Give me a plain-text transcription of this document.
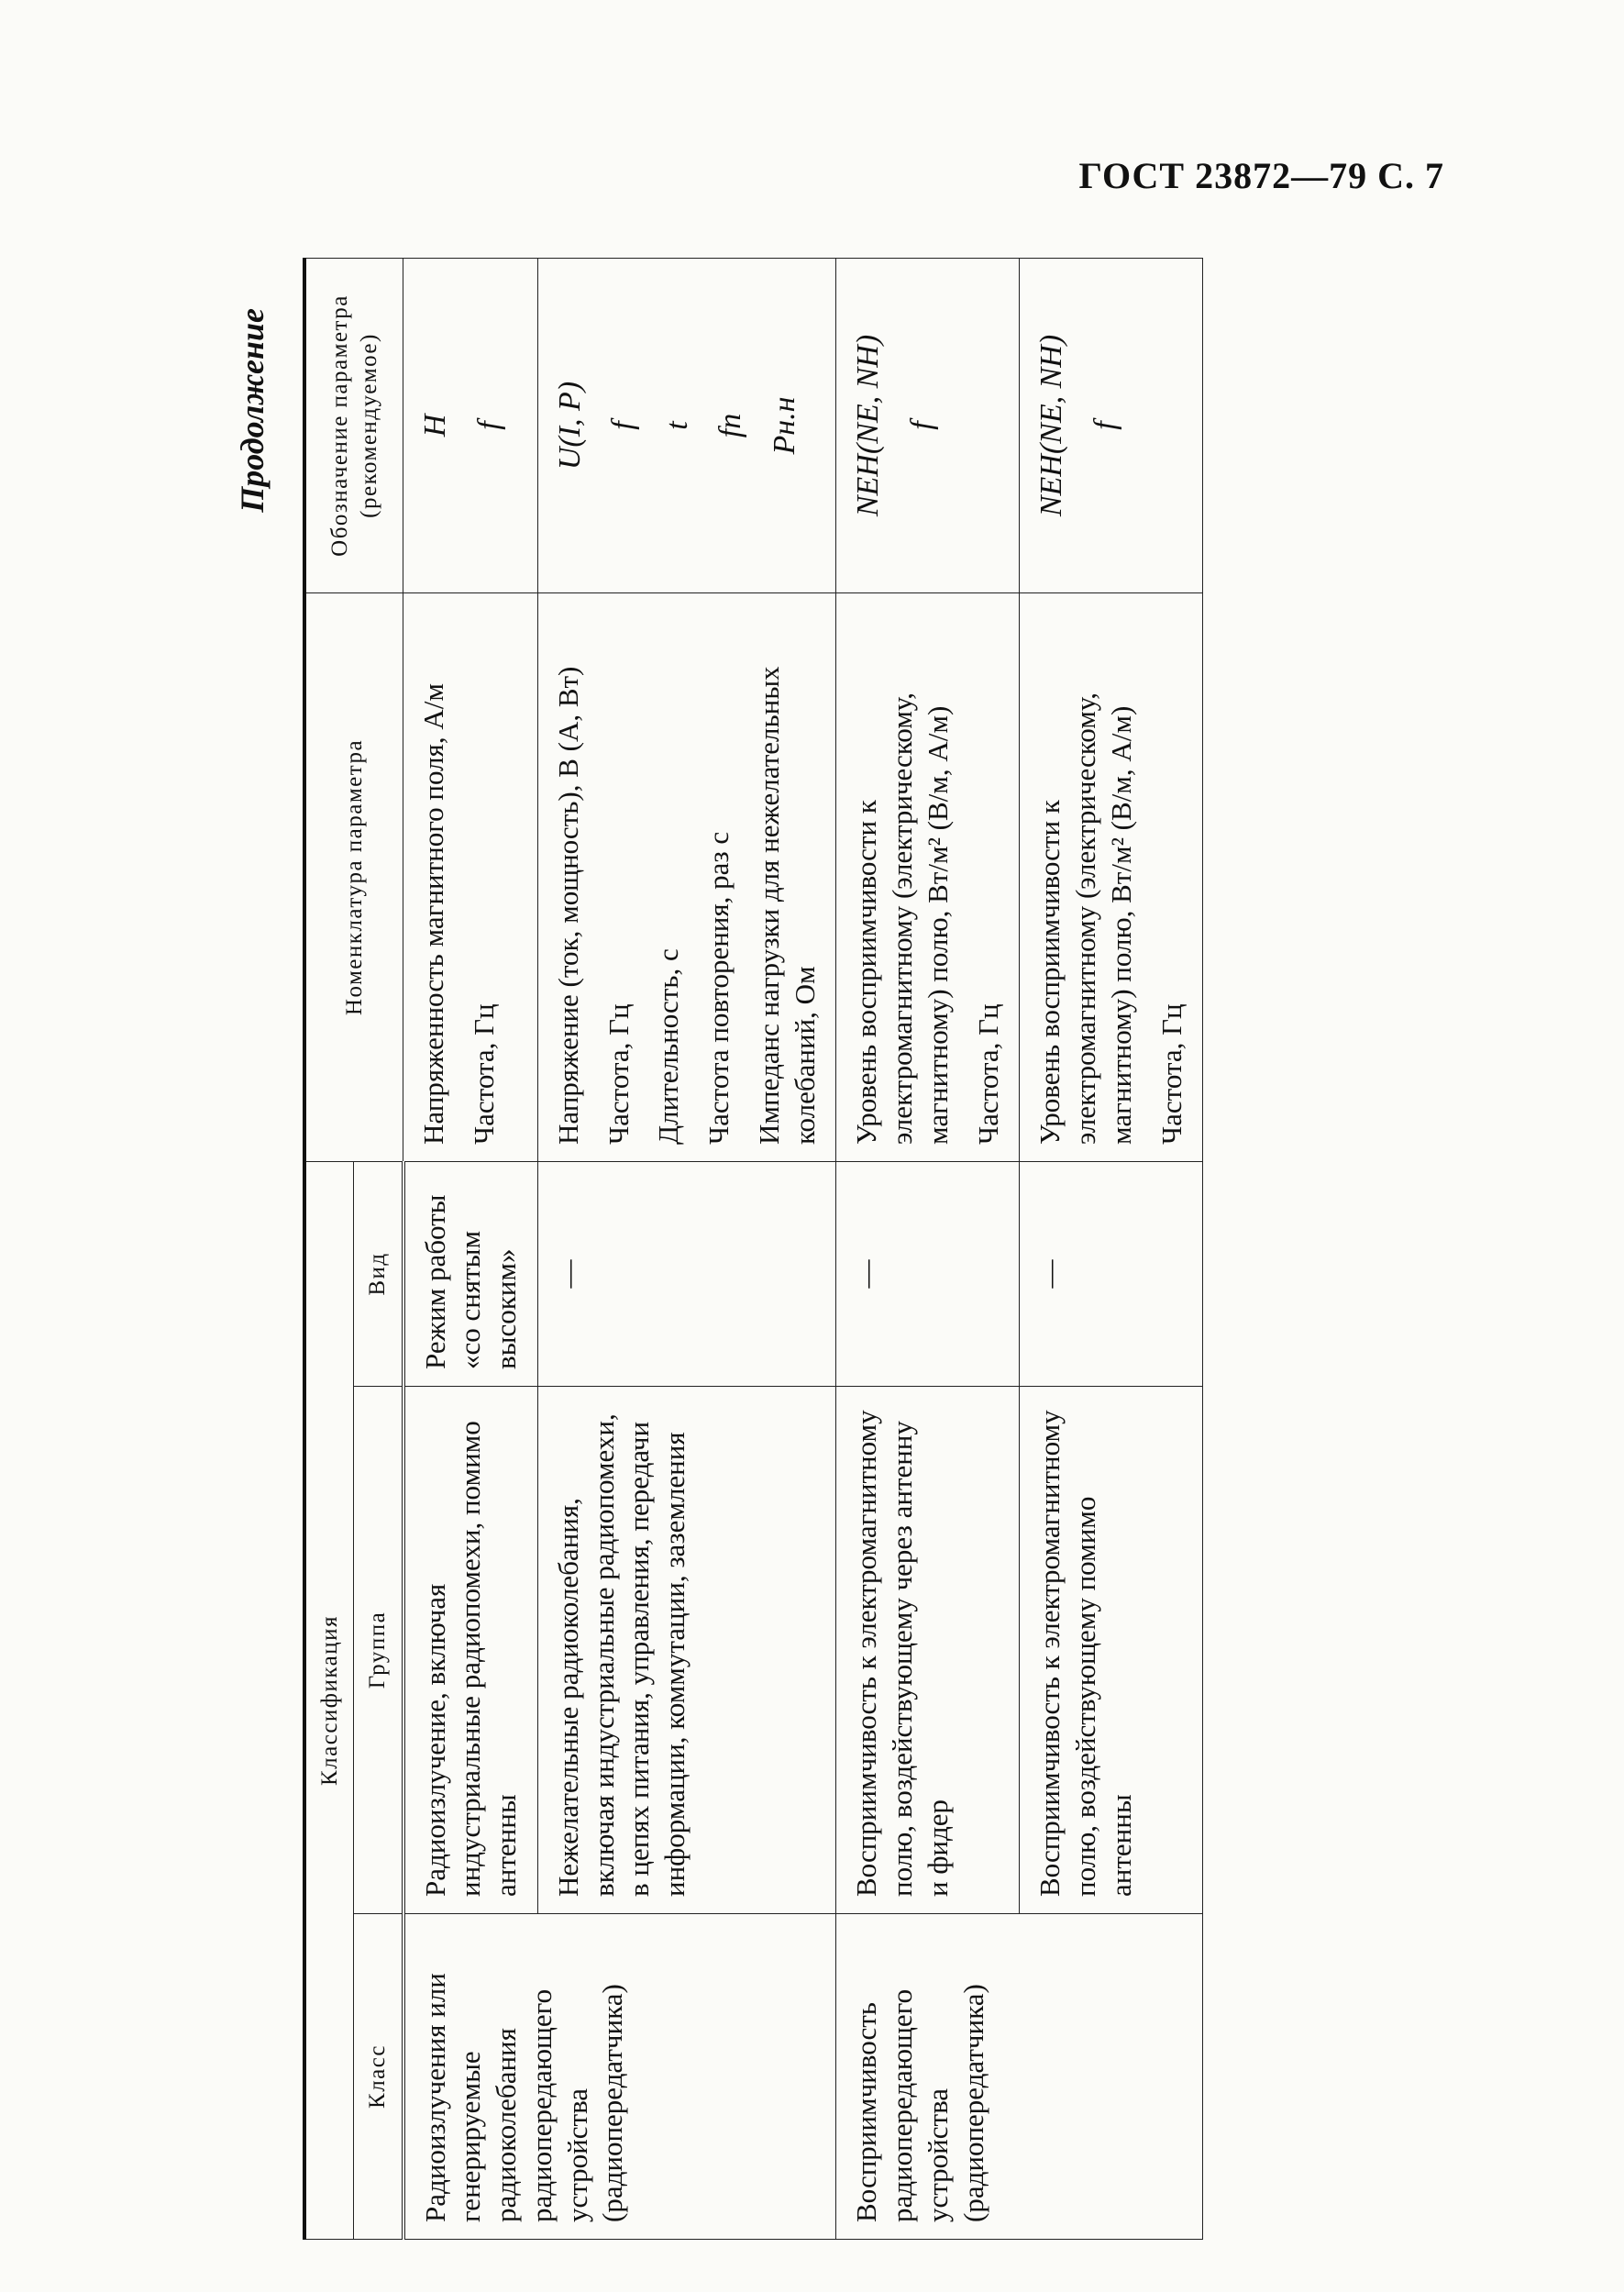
ГОСТ 23872—79 С. 7
Продолжение
Классификация			Номенклатура параметра	Обозначение параметра (рекомендуемое)
Класс	Группа	Вид		
Радиоизлучения или генерируемые радиоколебания радиопередающего устройства (радиопередатчика)	Радиоизлучение, включая индустриальные радиопомехи, помимо антенны	Режим работы «со снятым высоким»	Напряженность магнитного поля, А/м Частота, Гц	H f

	Нежелательные радиоколебания, включая индустриальные радиопомехи, в цепях питания, управления, передачи информации, коммутации, заземления	—	Напряжение (ток, мощность), В (А, Вт) Частота, Гц Длительность, с Частота повторения, раз с Импеданс нагрузки для нежелательных колебаний, Ом	U(I, P) f t fп Pн.н

Восприимчивость радиопередающего устройства (радиопередатчика)	Восприимчивость к электромагнитному полю, воздействующему через антенну и фидер	—	Уровень восприимчивости к электромагнитному (электрическому, магнитному) полю, Вт/м² (В/м, А/м) Частота, Гц	NEH(NE, NH) f

	Восприимчивость к электромагнитному полю, воздействующему помимо антенны	—	Уровень восприимчивости к электромагнитному (электрическому, магнитному) полю, Вт/м² (В/м, А/м) Частота, Гц	NEH(NE, NH) f
